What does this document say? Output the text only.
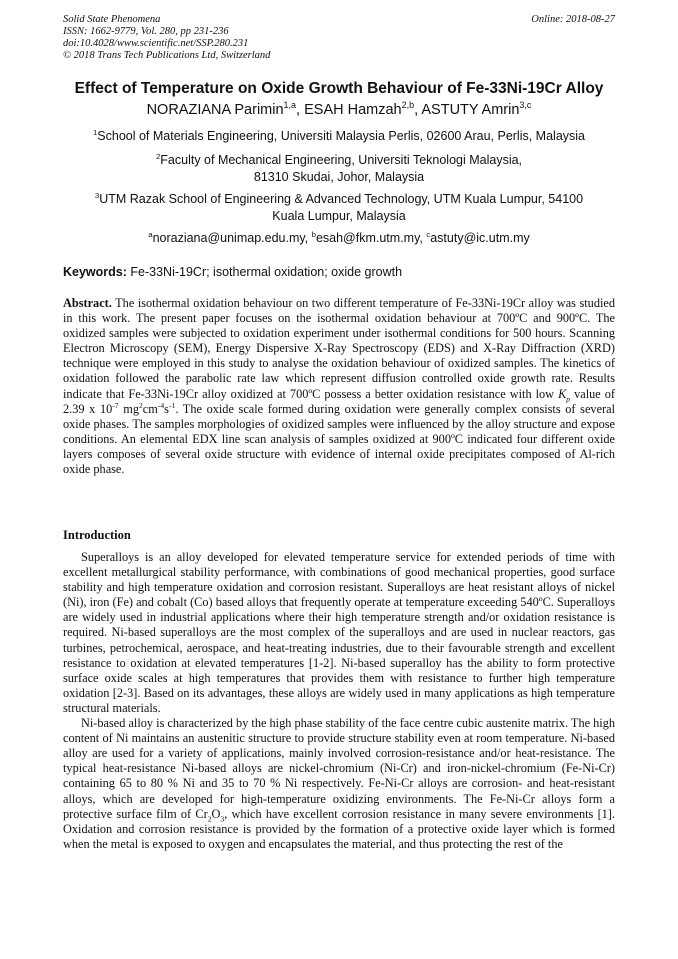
Solid State Phenomena
ISSN: 1662-9779, Vol. 280, pp 231-236
doi:10.4028/www.scientific.net/SSP.280.231
© 2018 Trans Tech Publications Ltd, Switzerland
Online: 2018-08-27
Effect of Temperature on Oxide Growth Behaviour of Fe-33Ni-19Cr Alloy
NORAZIANA Parimin$^{1,a}$, ESAH Hamzah$^{2,b}$, ASTUTY Amrin$^{3,c}$
$^1$School of Materials Engineering, Universiti Malaysia Perlis, 02600 Arau, Perlis, Malaysia
$^2$Faculty of Mechanical Engineering, Universiti Teknologi Malaysia,
81310 Skudai, Johor, Malaysia
$^3$UTM Razak School of Engineering & Advanced Technology, UTM Kuala Lumpur, 54100
Kuala Lumpur, Malaysia
$^a$noraziana@unimap.edu.my, $^b$esah@fkm.utm.my, $^c$astuty@ic.utm.my
Keywords: Fe-33Ni-19Cr; isothermal oxidation; oxide growth

Abstract. The isothermal oxidation behaviour on two different temperature of Fe-33Ni-19Cr alloy was studied in this work. The present paper focuses on the isothermal oxidation behaviour at 700ºC and 900ºC. The oxidized samples were subjected to oxidation experiment under isothermal conditions for 500 hours. Scanning Electron Microscopy (SEM), Energy Dispersive X-Ray Spectroscopy (EDS) and X-Ray Diffraction (XRD) technique were employed in this study to analyse the oxidation behaviour of oxidized samples. The kinetics of oxidation followed the parabolic rate law which represent diffusion controlled oxide growth rate. Results indicate that Fe-33Ni-19Cr alloy oxidized at 700ºC possess a better oxidation resistance with low $K_p$ value of 2.39 x $10^{-7}$ $mg^2cm^{-4}s^{-1}$. The oxide scale formed during oxidation were generally complex consists of several oxide phases. The samples morphologies of oxidized samples were influenced by the alloy structure and expose conditions. An elemental EDX line scan analysis of samples oxidized at 900ºC indicated four different oxide layers composes of several oxide structure with evidence of internal oxide precipitates composed of Al-rich oxide phase.

Introduction

Superalloys is an alloy developed for elevated temperature service for extended periods of time with excellent metallurgical stability performance, with combinations of good mechanical properties, good surface stability and high temperature oxidation and corrosion resistant. Superalloys are heat resistant alloys of nickel (Ni), iron (Fe) and cobalt (Co) based alloys that frequently operate at temperature exceeding 540ºC. Superalloys are widely used in industrial applications where their high temperature strength and/or oxidation resistance is required. Ni-based superalloys are the most complex of the superalloys and are used in nuclear reactors, gas turbines, petrochemical, aerospace, and heat-treating industries, due to their favourable strength and excellent resistance to oxidation at elevated temperatures [1-2]. Ni-based superalloy has the ability to form protective surface oxide scales at high temperatures that provides them with resistance to further high temperature oxidation [2-3]. Based on its advantages, these alloys are widely used in many applications as high temperature structural materials.

Ni-based alloy is characterized by the high phase stability of the face centre cubic austenite matrix. The high content of Ni maintains an austenitic structure to provide structure stability even at room temperature. Ni-based alloy are used for a variety of applications, mainly involved corrosion-resistance and/or heat-resistance. The typical heat-resistance Ni-based alloys are nickel-chromium (Ni-Cr) and iron-nickel-chromium (Fe-Ni-Cr) containing 65 to 80 % Ni and 35 to 70 % Ni respectively. Fe-Ni-Cr alloys are corrosion- and heat-resistant alloys, which are developed for high-temperature oxidizing environments. The Fe-Ni-Cr alloys form a protective surface film of $Cr_2O_3$, which have excellent corrosion resistance in many severe environments [1]. Oxidation and corrosion resistance is provided by the formation of a protective oxide layer which is formed when the metal is exposed to oxygen and encapsulates the material, and thus protecting the rest of the
